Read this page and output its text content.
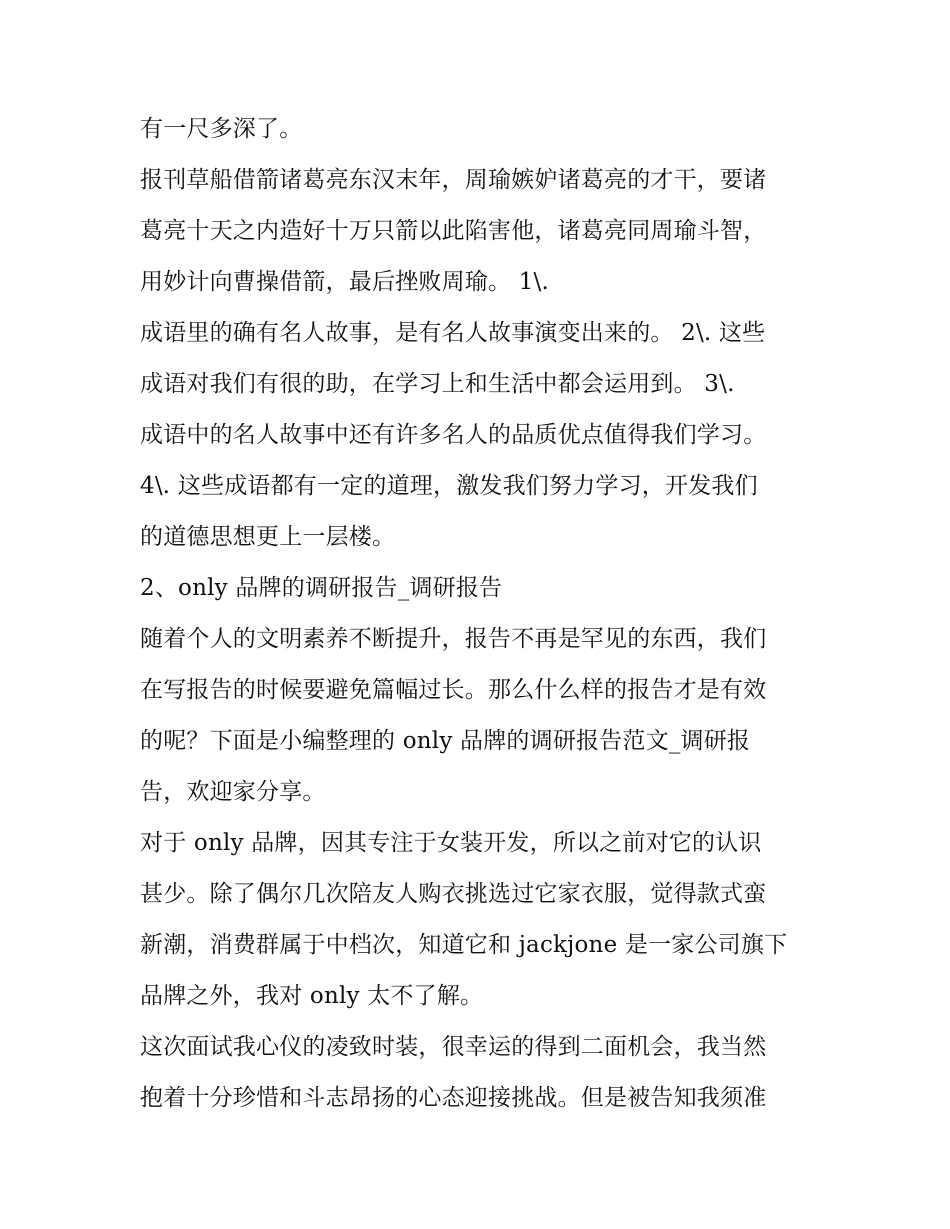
有一尺多深了。
报刊草船借箭诸葛亮东汉末年，周瑜嫉妒诸葛亮的才干，要诸
葛亮十天之内造好十万只箭以此陷害他，诸葛亮同周瑜斗智，
用妙计向曹操借箭，最后挫败周瑜。 1\.
成语里的确有名人故事，是有名人故事演变出来的。 2\. 这些
成语对我们有很的助，在学习上和生活中都会运用到。 3\.
成语中的名人故事中还有许多名人的品质优点值得我们学习。
4\. 这些成语都有一定的道理，激发我们努力学习，开发我们
的道德思想更上一层楼。
2、only 品牌的调研报告_调研报告
随着个人的文明素养不断提升，报告不再是罕见的东西，我们
在写报告的时候要避免篇幅过长。那么什么样的报告才是有效
的呢？下面是小编整理的 only 品牌的调研报告范文_调研报
告，欢迎家分享。
对于 only 品牌，因其专注于女装开发，所以之前对它的认识
甚少。除了偶尔几次陪友人购衣挑选过它家衣服，觉得款式蛮
新潮，消费群属于中档次，知道它和 jackjone 是一家公司旗下
品牌之外，我对 only 太不了解。
这次面试我心仪的凌致时装，很幸运的得到二面机会，我当然
抱着十分珍惜和斗志昂扬的心态迎接挑战。但是被告知我须准
